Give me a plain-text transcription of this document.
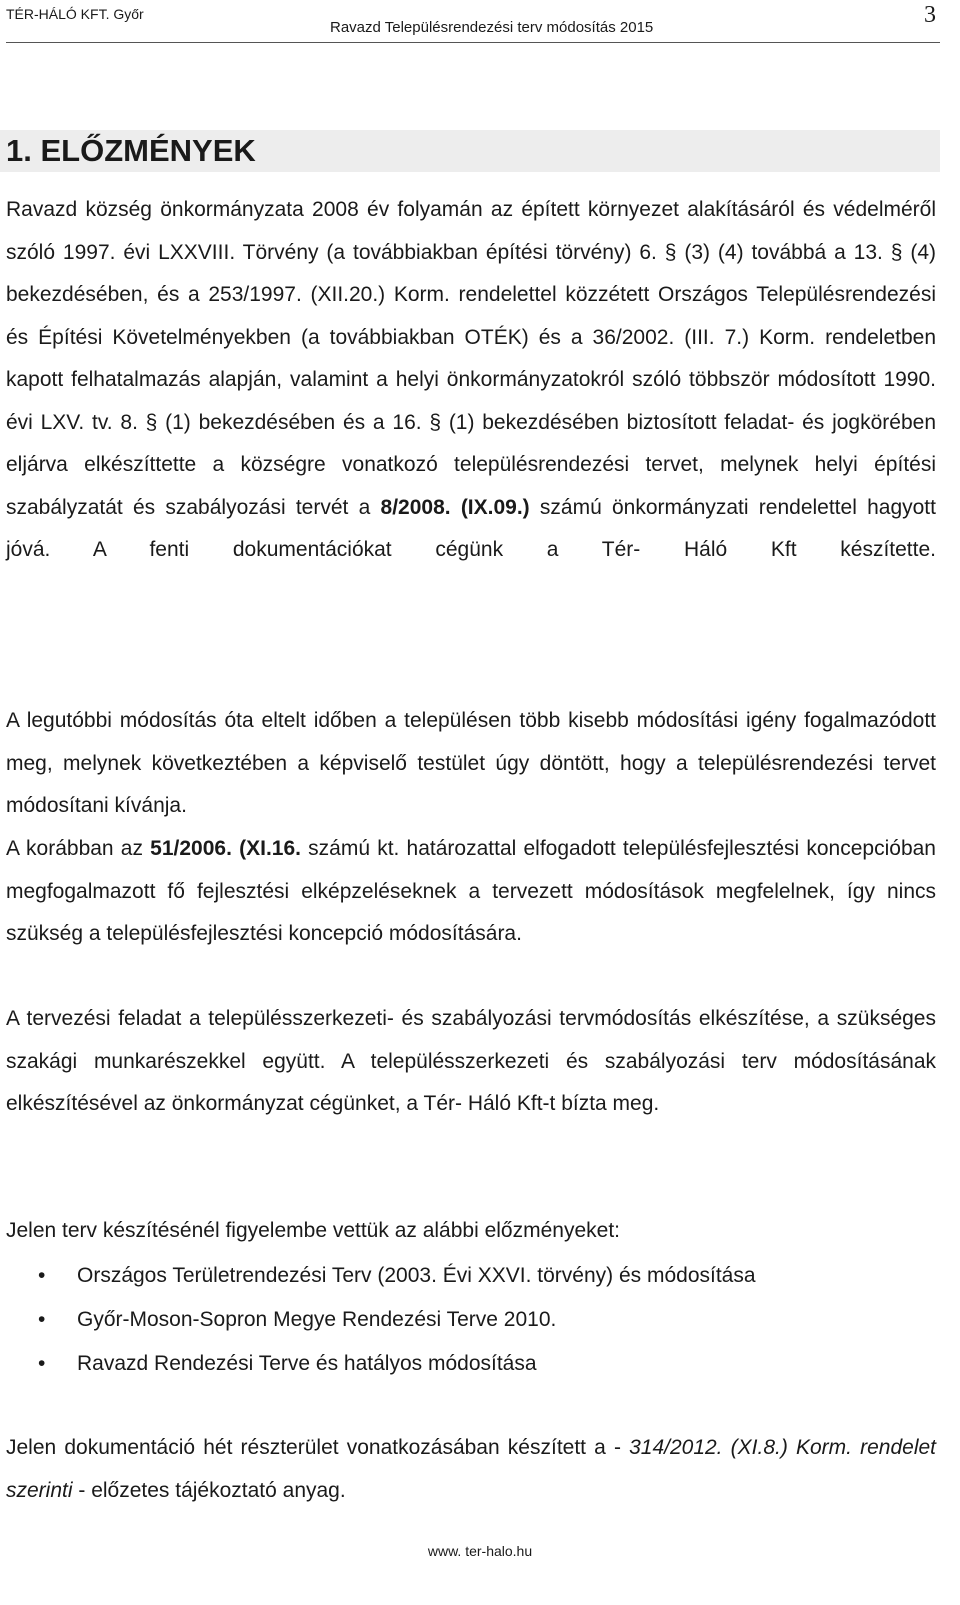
TÉR-HÁLÓ KFT. Győr
Ravazd Településrendezési terv módosítás 2015	3
1. ELŐZMÉNYEK

Ravazd község önkormányzata 2008 év folyamán az épített környezet alakításáról és védelméről szóló 1997. évi LXXVIII. Törvény (a továbbiakban építési törvény) 6. § (3) (4) továbbá a 13. § (4) bekezdésében, és a 253/1997. (XII.20.) Korm. rendelettel közzétett Országos Településrendezési és Építési Követelményekben (a továbbiakban OTÉK) és a 36/2002. (III. 7.) Korm. rendeletben kapott felhatalmazás alapján, valamint a helyi önkormányzatokról szóló többször módosított 1990. évi LXV. tv. 8. § (1) bekezdésében és a 16. § (1) bekezdésében biztosított feladat- és jogkörében eljárva elkészíttette a községre vonatkozó településrendezési tervet, melynek helyi építési szabályzatát és szabályozási tervét a 8/2008. (IX.09.) számú önkormányzati rendelettel hagyott jóvá. A fenti dokumentációkat cégünk a Tér- Háló Kft készítette.

A legutóbbi módosítás óta eltelt időben a településen több kisebb módosítási igény fogalmazódott meg, melynek következtében a képviselő testület úgy döntött, hogy a településrendezési tervet módosítani kívánja.

A korábban az 51/2006. (XI.16. számú kt. határozattal elfogadott településfejlesztési koncepcióban megfogalmazott fő fejlesztési elképzeléseknek a tervezett módosítások megfelelnek, így nincs szükség a településfejlesztési koncepció módosítására.

A tervezési feladat a településszerkezeti- és szabályozási tervmódosítás elkészítése, a szükséges szakági munkarészekkel együtt. A településszerkezeti és szabályozási terv módosításának elkészítésével az önkormányzat cégünket, a Tér- Háló Kft-t bízta meg.

Jelen terv készítésénél figyelembe vettük az alábbi előzményeket:

• Országos Területrendezési Terv (2003. Évi XXVI. törvény) és módosítása
• Győr-Moson-Sopron Megye Rendezési Terve 2010.
• Ravazd Rendezési Terve és hatályos módosítása

Jelen dokumentáció hét részterület vonatkozásában készített a - 314/2012. (XI.8.) Korm. rendelet szerinti - előzetes tájékoztató anyag.

www. ter-halo.hu
